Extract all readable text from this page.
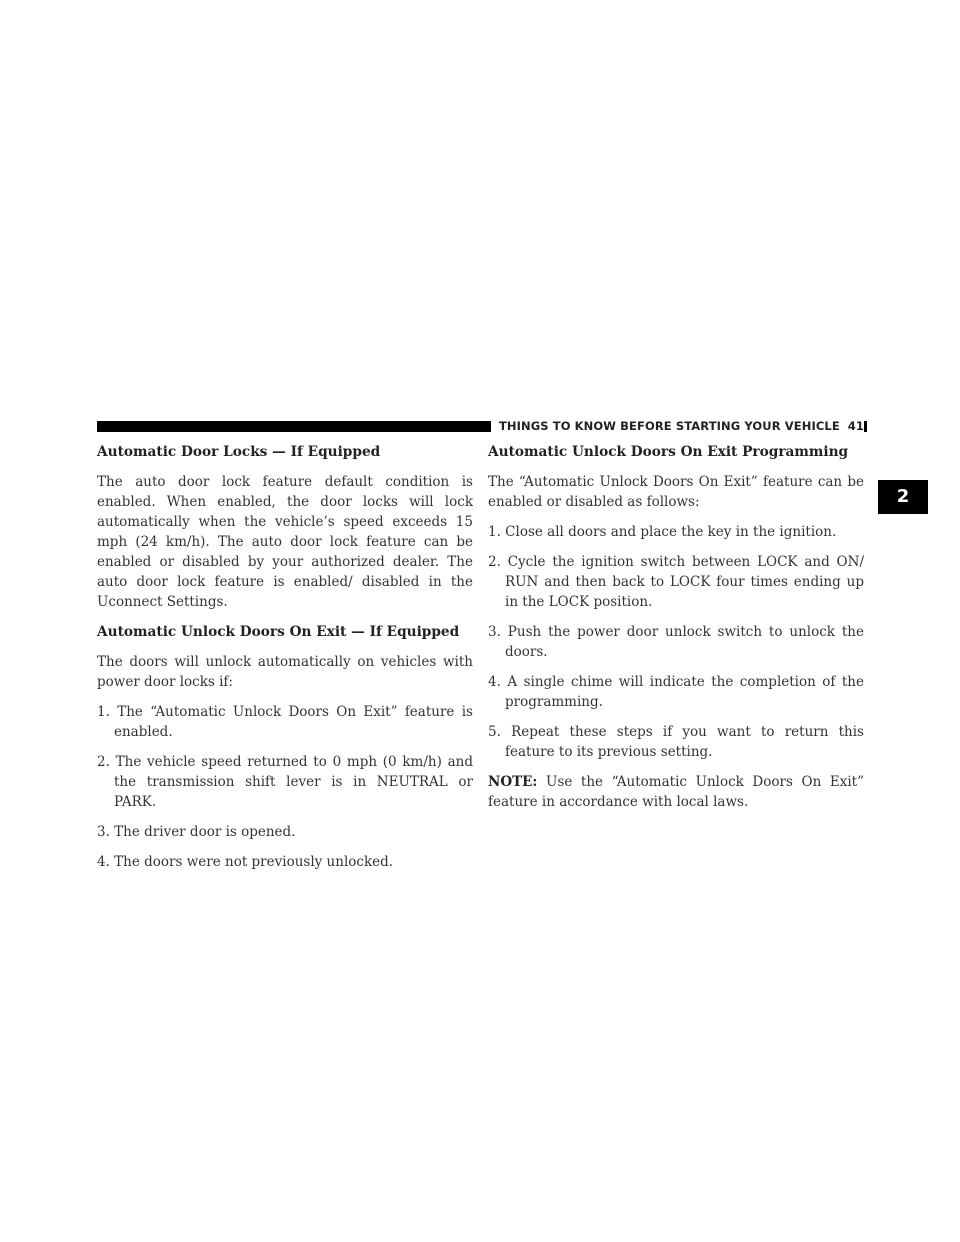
THINGS TO KNOW BEFORE STARTING YOUR VEHICLE 41
2
Automatic Door Locks — If Equipped

The auto door lock feature default condition is enabled. When enabled, the door locks will lock automatically when the vehicle’s speed exceeds 15 mph (24 km/h). The auto door lock feature can be enabled or disabled by your authorized dealer. The auto door lock feature is enabled/ disabled in the Uconnect Settings.

Automatic Unlock Doors On Exit — If Equipped

The doors will unlock automatically on vehicles with power door locks if:

1. The “Automatic Unlock Doors On Exit” feature is enabled.
2. The vehicle speed returned to 0 mph (0 km/h) and the transmission shift lever is in NEUTRAL or PARK.
3. The driver door is opened.
4. The doors were not previously unlocked.
Automatic Unlock Doors On Exit Programming

The “Automatic Unlock Doors On Exit” feature can be enabled or disabled as follows:

1. Close all doors and place the key in the ignition.
2. Cycle the ignition switch between LOCK and ON/ RUN and then back to LOCK four times ending up in the LOCK position.
3. Push the power door unlock switch to unlock the doors.
4. A single chime will indicate the completion of the programming.
5. Repeat these steps if you want to return this feature to its previous setting.

NOTE: Use the “Automatic Unlock Doors On Exit” feature in accordance with local laws.
